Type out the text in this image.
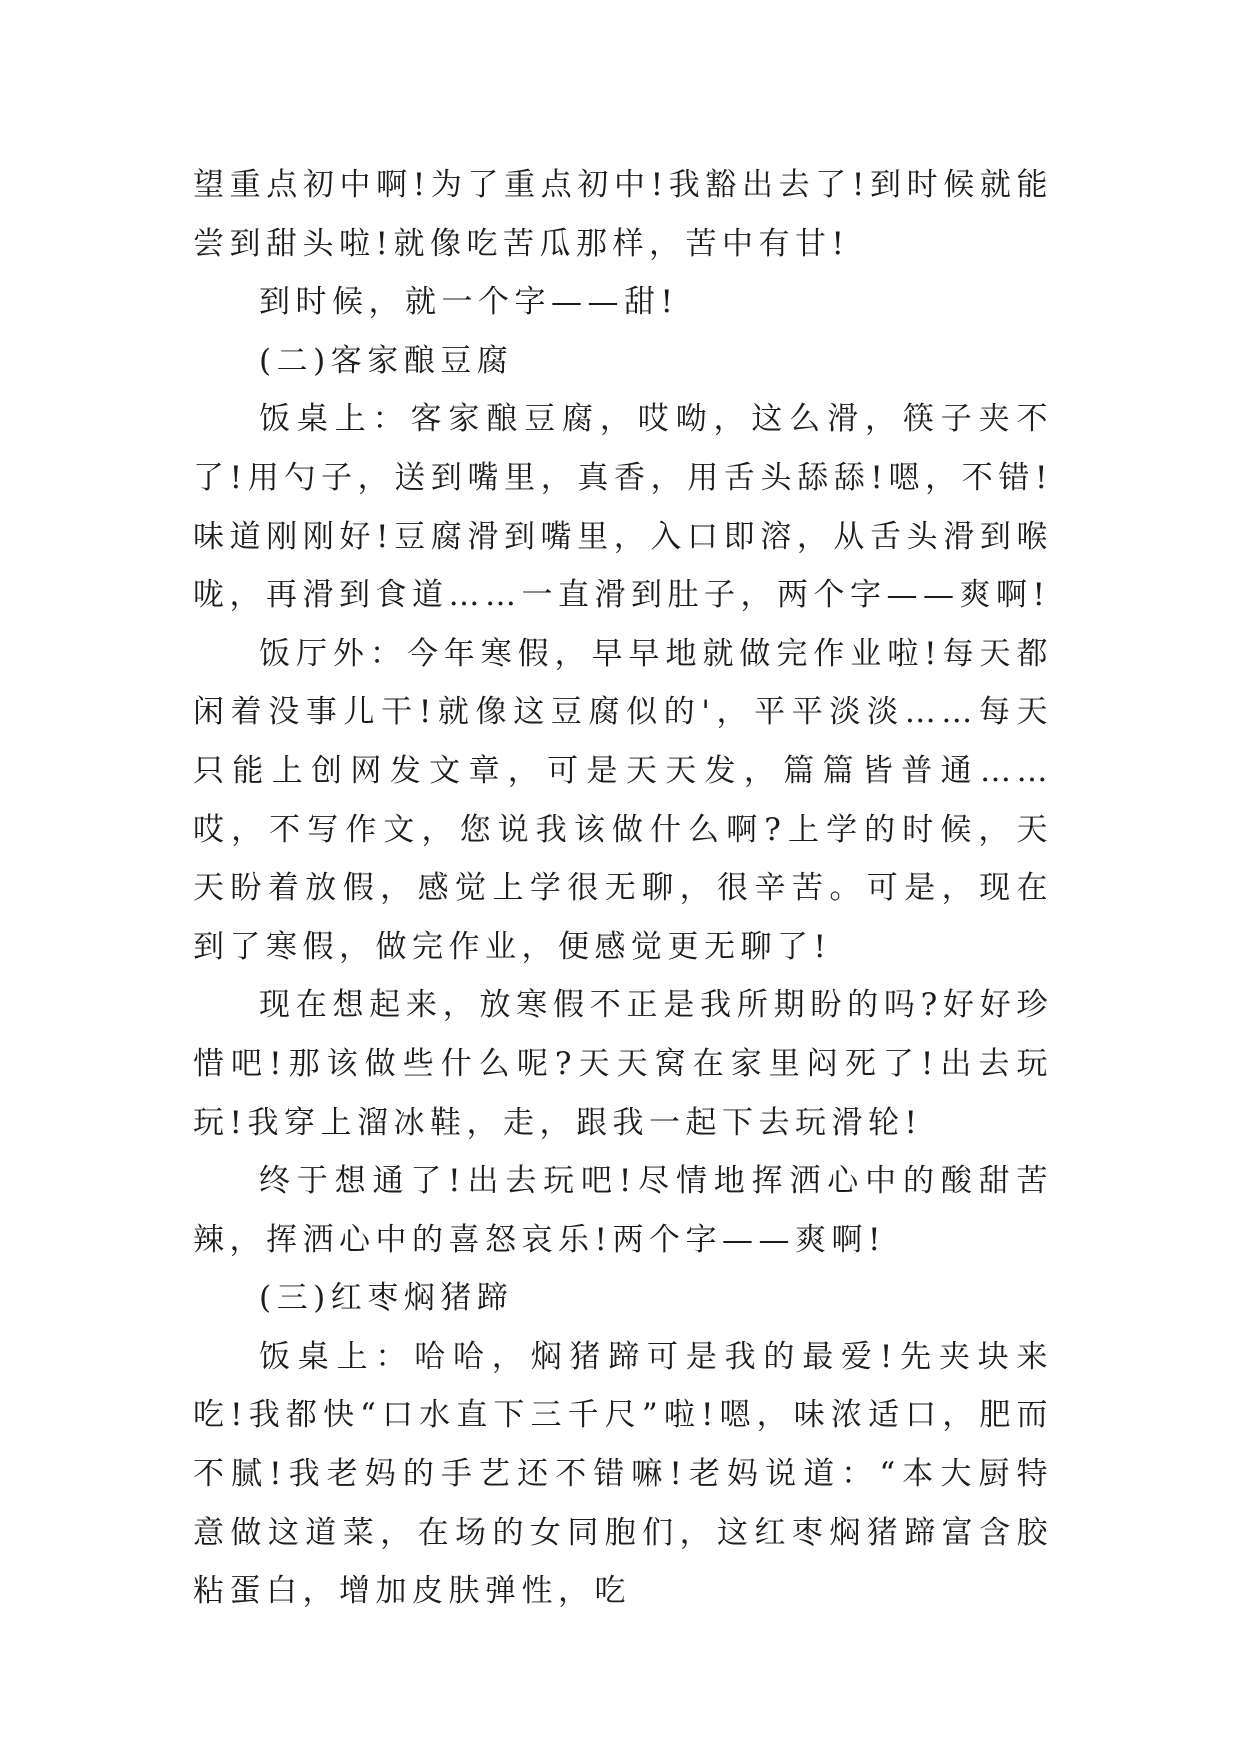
望重点初中啊!为了重点初中!我豁出去了!到时候就能尝到甜头啦!就像吃苦瓜那样，苦中有甘!

到时候，就一个字——甜!

(二)客家酿豆腐

饭桌上：客家酿豆腐，哎呦，这么滑，筷子夹不了!用勺子，送到嘴里，真香，用舌头舔舔!嗯，不错!味道刚刚好!豆腐滑到嘴里，入口即溶，从舌头滑到喉咙，再滑到食道……一直滑到肚子，两个字——爽啊!

饭厅外：今年寒假，早早地就做完作业啦!每天都闲着没事儿干!就像这豆腐似的'，平平淡淡……每天只能上创网发文章，可是天天发，篇篇皆普通……哎，不写作文，您说我该做什么啊?上学的时候，天天盼着放假，感觉上学很无聊，很辛苦。可是，现在到了寒假，做完作业，便感觉更无聊了!

现在想起来，放寒假不正是我所期盼的吗?好好珍惜吧!那该做些什么呢?天天窝在家里闷死了!出去玩玩!我穿上溜冰鞋，走，跟我一起下去玩滑轮!

终于想通了!出去玩吧!尽情地挥洒心中的酸甜苦辣，挥洒心中的喜怒哀乐!两个字——爽啊!

(三)红枣焖猪蹄

饭桌上：哈哈，焖猪蹄可是我的最爱!先夹块来吃!我都快“口水直下三千尺”啦!嗯，味浓适口，肥而不腻!我老妈的手艺还不错嘛!老妈说道：“本大厨特意做这道菜，在场的女同胞们，这红枣焖猪蹄富含胶粘蛋白，增加皮肤弹性，吃
